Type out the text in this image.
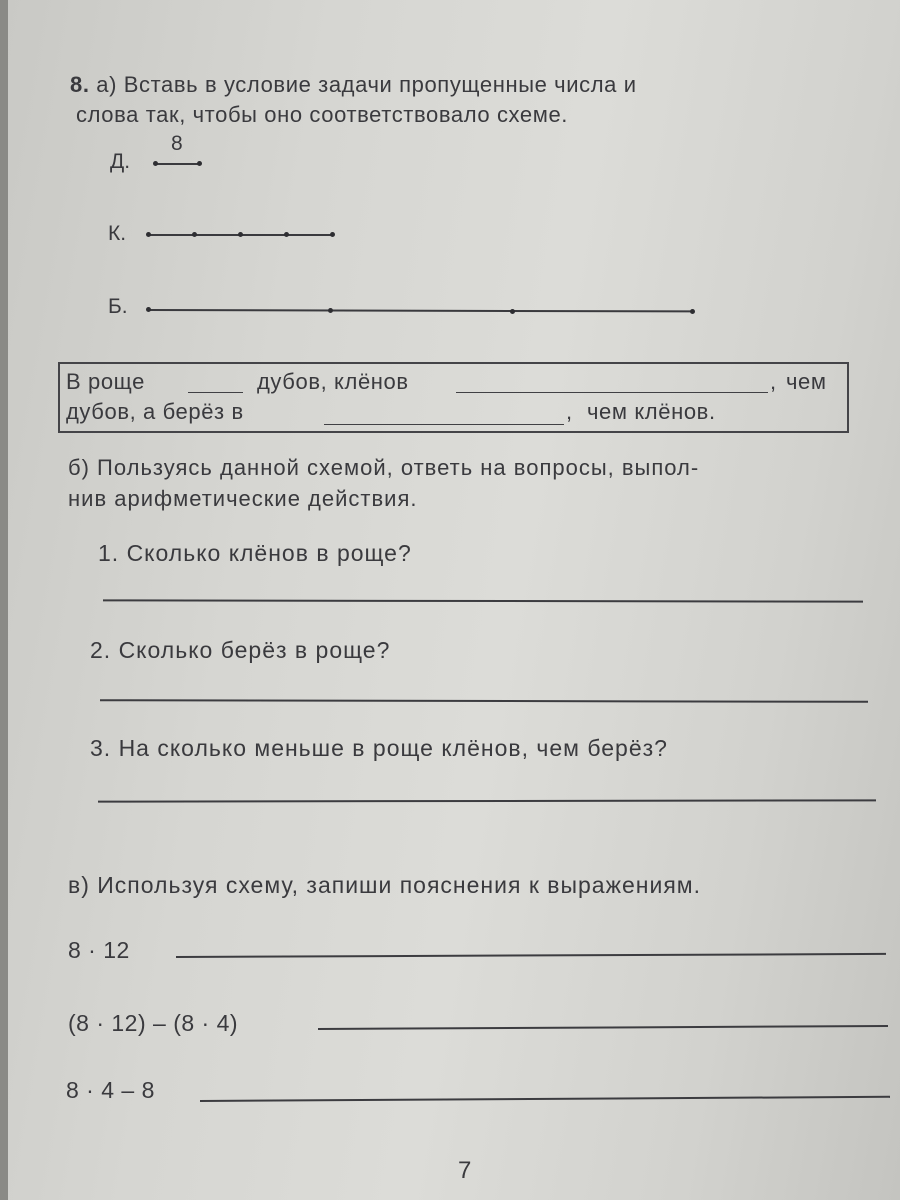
8. а) Вставь в условие задачи пропущенные числа и
слова так, чтобы оно соответствовало схеме.
8
Д.
К.
Б.
В роще	дубов, клёнов	, чем
дубов, а берёз в	, чем клёнов.
б) Пользуясь данной схемой, ответь на вопросы, выпол-
нив арифметические действия.
1. Сколько клёнов в роще?
2. Сколько берёз в роще?
3. На сколько меньше в роще клёнов, чем берёз?
в) Используя схему, запиши пояснения к выражениям.
8 · 12
(8 · 12) – (8 · 4)
8 · 4 – 8
7
